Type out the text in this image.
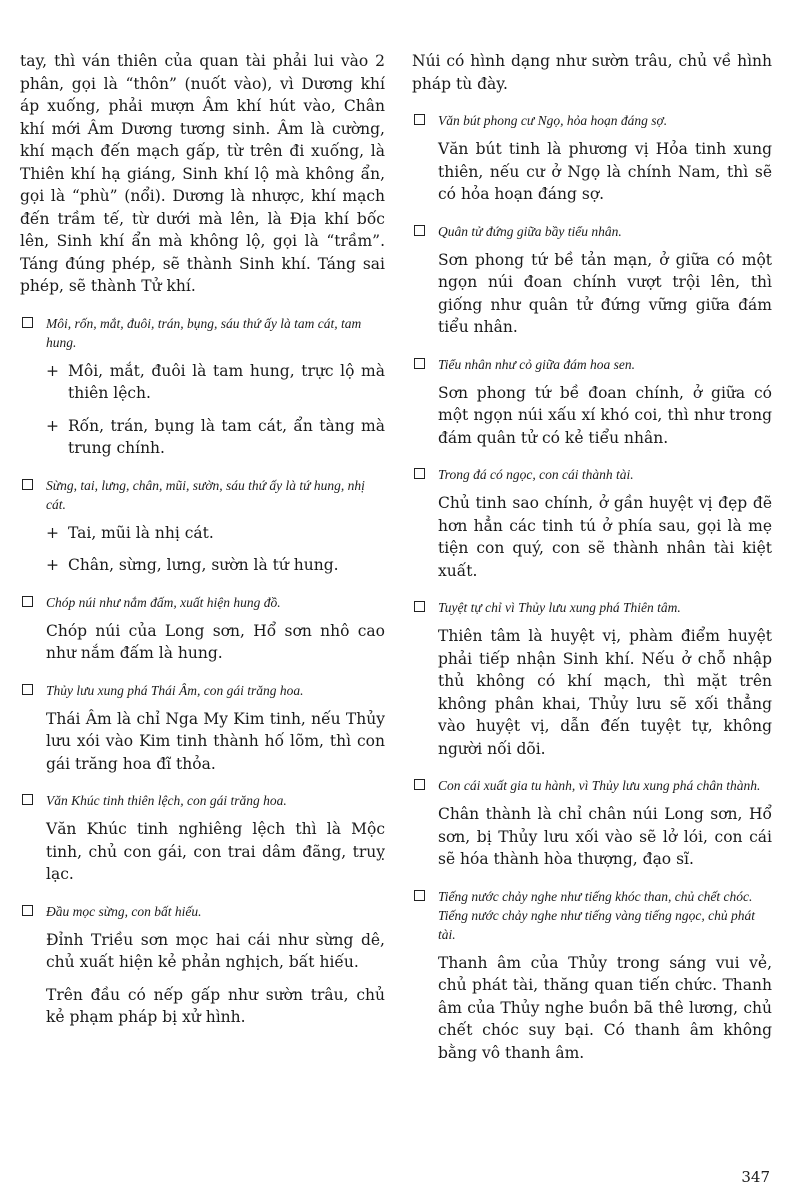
tay, thì ván thiên của quan tài phải lui vào 2 phân, gọi là “thôn” (nuốt vào), vì Dương khí áp xuống, phải mượn Âm khí hút vào, Chân khí mới Âm Dương tương sinh. Âm là cường, khí mạch đến mạch gấp, từ trên đi xuống, là Thiên khí hạ giáng, Sinh khí lộ mà không ẩn, gọi là “phù” (nổi). Dương là nhược, khí mạch đến trầm tế, từ dưới mà lên, là Địa khí bốc lên, Sinh khí ẩn mà không lộ, gọi là “trầm”. Táng đúng phép, sẽ thành Sinh khí. Táng sai phép, sẽ thành Tử khí.

Môi, rốn, mắt, đuôi, trán, bụng, sáu thứ ấy là tam cát, tam hung.

+ Môi, mắt, đuôi là tam hung, trực lộ mà thiên lệch.

+ Rốn, trán, bụng là tam cát, ẩn tàng mà trung chính.

Sừng, tai, lưng, chân, mũi, sườn, sáu thứ ấy là tứ hung, nhị cát.

+ Tai, mũi là nhị cát.

+ Chân, sừng, lưng, sườn là tứ hung.

Chóp núi như nắm đấm, xuất hiện hung đồ.

Chóp núi của Long sơn, Hổ sơn nhô cao như nắm đấm là hung.

Thủy lưu xung phá Thái Âm, con gái trăng hoa.

Thái Âm là chỉ Nga My Kim tinh, nếu Thủy lưu xói vào Kim tinh thành hố lõm, thì con gái trăng hoa đĩ thỏa.

Văn Khúc tinh thiên lệch, con gái trăng hoa.

Văn Khúc tinh nghiêng lệch thì là Mộc tinh, chủ con gái, con trai dâm đãng, truỵ lạc.

Đầu mọc sừng, con bất hiếu.

Đỉnh Triều sơn mọc hai cái như sừng dê, chủ xuất hiện kẻ phản nghịch, bất hiếu.

Trên đầu có nếp gấp như sườn trâu, chủ kẻ phạm pháp bị xử hình.

Núi có hình dạng như sườn trâu, chủ về hình pháp tù đày.

Văn bút phong cư Ngọ, hỏa hoạn đáng sợ.

Văn bút tinh là phương vị Hỏa tinh xung thiên, nếu cư ở Ngọ là chính Nam, thì sẽ có hỏa hoạn đáng sợ.

Quân tử đứng giữa bầy tiểu nhân.

Sơn phong tứ bề tản mạn, ở giữa có một ngọn núi đoan chính vượt trội lên, thì giống như quân tử đứng vững giữa đám tiểu nhân.

Tiểu nhân như cỏ giữa đám hoa sen.

Sơn phong tứ bề đoan chính, ở giữa có một ngọn núi xấu xí khó coi, thì như trong đám quân tử có kẻ tiểu nhân.

Trong đá có ngọc, con cái thành tài.

Chủ tinh sao chính, ở gần huyệt vị đẹp đẽ hơn hẳn các tinh tú ở phía sau, gọi là mẹ tiện con quý, con sẽ thành nhân tài kiệt xuất.

Tuyệt tự chỉ vì Thủy lưu xung phá Thiên tâm.

Thiên tâm là huyệt vị, phàm điểm huyệt phải tiếp nhận Sinh khí. Nếu ở chỗ nhập thủ không có khí mạch, thì mặt trên không phân khai, Thủy lưu sẽ xối thẳng vào huyệt vị, dẫn đến tuyệt tự, không người nối dõi.

Con cái xuất gia tu hành, vì Thủy lưu xung phá chân thành.

Chân thành là chỉ chân núi Long sơn, Hổ sơn, bị Thủy lưu xối vào sẽ lở lói, con cái sẽ hóa thành hòa thượng, đạo sĩ.

Tiếng nước chảy nghe như tiếng khóc than, chủ chết chóc. Tiếng nước chảy nghe như tiếng vàng tiếng ngọc, chủ phát tài.

Thanh âm của Thủy trong sáng vui vẻ, chủ phát tài, thăng quan tiến chức. Thanh âm của Thủy nghe buồn bã thê lương, chủ chết chóc suy bại. Có thanh âm không bằng vô thanh âm.

347
